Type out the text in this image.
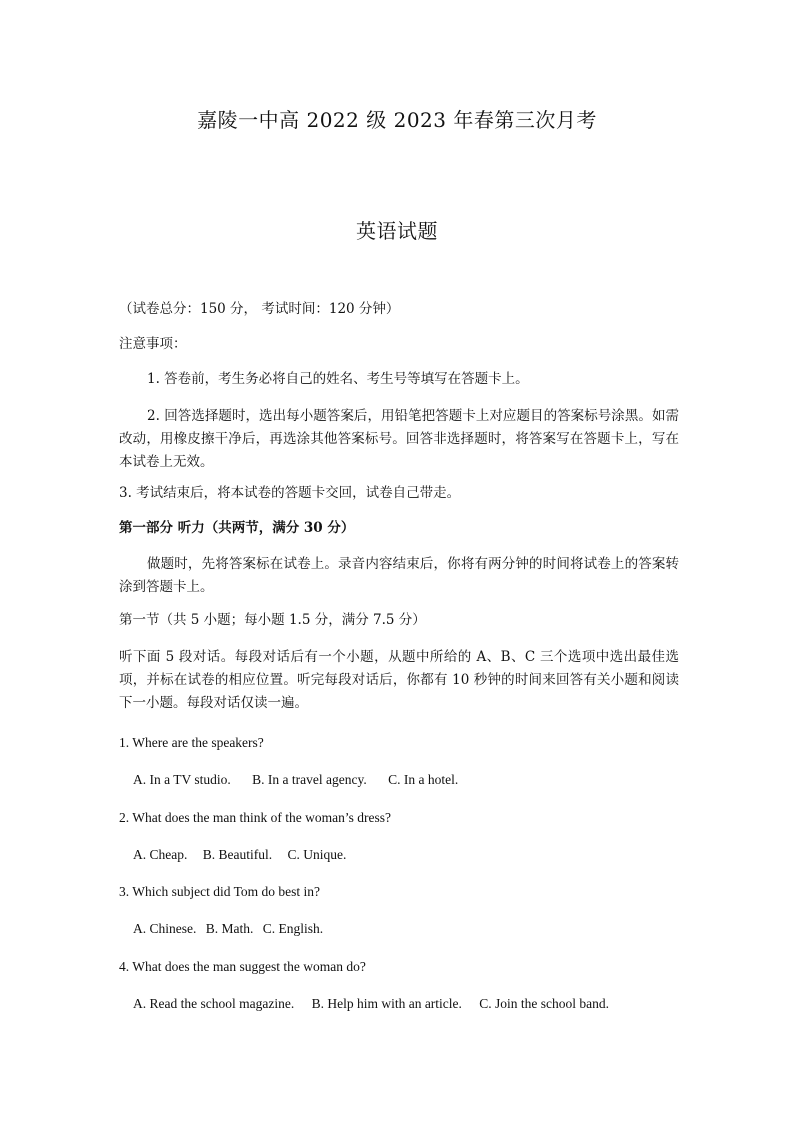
嘉陵一中高 2022 级 2023 年春第三次月考
英语试题
（试卷总分：150 分， 考试时间：120 分钟）
注意事项：
1. 答卷前，考生务必将自己的姓名、考生号等填写在答题卡上。
2. 回答选择题时，选出每小题答案后，用铅笔把答题卡上对应题目的答案标号涂黑。如需改动，用橡皮擦干净后，再选涂其他答案标号。回答非选择题时，将答案写在答题卡上，写在本试卷上无效。
3. 考试结束后，将本试卷的答题卡交回，试卷自己带走。
第一部分 听力（共两节，满分 30 分）
做题时，先将答案标在试卷上。录音内容结束后，你将有两分钟的时间将试卷上的答案转涂到答题卡上。
第一节（共 5 小题；每小题 1.5 分，满分 7.5 分）
听下面 5 段对话。每段对话后有一个小题，从题中所给的 A、B、C 三个选项中选出最佳选项，并标在试卷的相应位置。听完每段对话后，你都有 10 秒钟的时间来回答有关小题和阅读下一小题。每段对话仅读一遍。
1. Where are the speakers?
A. In a TV studio. B. In a travel agency. C. In a hotel.
2. What does the man think of the woman’s dress?
A. Cheap. B. Beautiful. C. Unique.
3. Which subject did Tom do best in?
A. Chinese. B. Math. C. English.
4. What does the man suggest the woman do?
A. Read the school magazine. B. Help him with an article. C. Join the school band.
